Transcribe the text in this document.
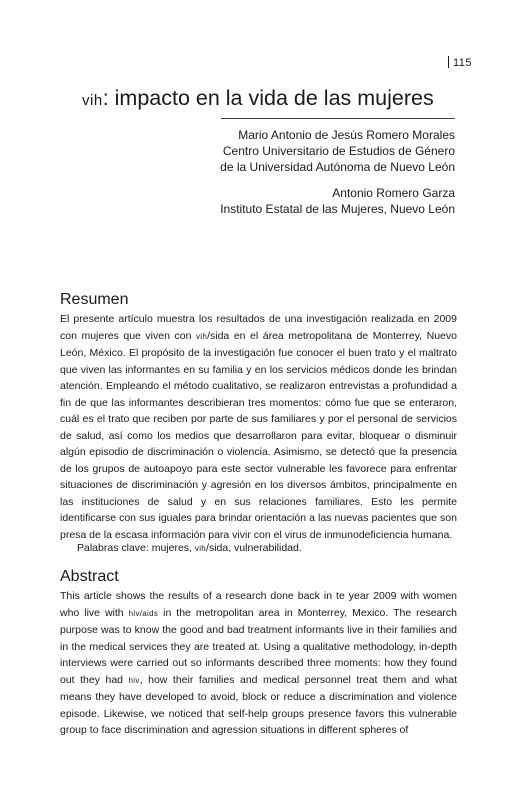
115
vih: impacto en la vida de las mujeres
Mario Antonio de Jesús Romero Morales
Centro Universitario de Estudios de Género
de la Universidad Autónoma de Nuevo León
Antonio Romero Garza
Instituto Estatal de las Mujeres, Nuevo León
Resumen

El presente artículo muestra los resultados de una investigación realizada en 2009 con mujeres que viven con vih/sida en el área metropolitana de Monterrey, Nuevo León, México. El propósito de la investigación fue conocer el buen trato y el maltrato que viven las informantes en su familia y en los servicios médicos donde les brindan atención. Empleando el método cualitativo, se realizaron entrevistas a profundidad a fin de que las informantes describieran tres momentos: cómo fue que se enteraron, cuál es el trato que reciben por parte de sus familiares y por el personal de servicios de salud, así como los medios que desarrollaron para evitar, bloquear o disminuir algún episodio de discriminación o violencia. Asimismo, se detectó que la presencia de los grupos de autoapoyo para este sector vulnerable les favorece para enfrentar situaciones de discriminación y agresión en los diversos ámbitos, principalmente en las instituciones de salud y en sus relaciones familiares. Esto les permite identificarse con sus iguales para brindar orientación a las nuevas pacientes que son presa de la escasa información para vivir con el virus de inmunodeficiencia humana.

Palabras clave: mujeres, vih/sida, vulnerabilidad.

Abstract

This article shows the results of a research done back in te year 2009 with women who live with hiv/aids in the metropolitan area in Monterrey, Mexico. The research purpose was to know the good and bad treatment informants live in their families and in the medical services they are treated at. Using a qualitative methodology, in-depth interviews were carried out so informants described three moments: how they found out they had hiv, how their families and medical personnel treat them and what means they have developed to avoid, block or reduce a discrimination and violence episode. Likewise, we noticed that self-help groups presence favors this vulnerable group to face discrimination and agression situations in different spheres of
